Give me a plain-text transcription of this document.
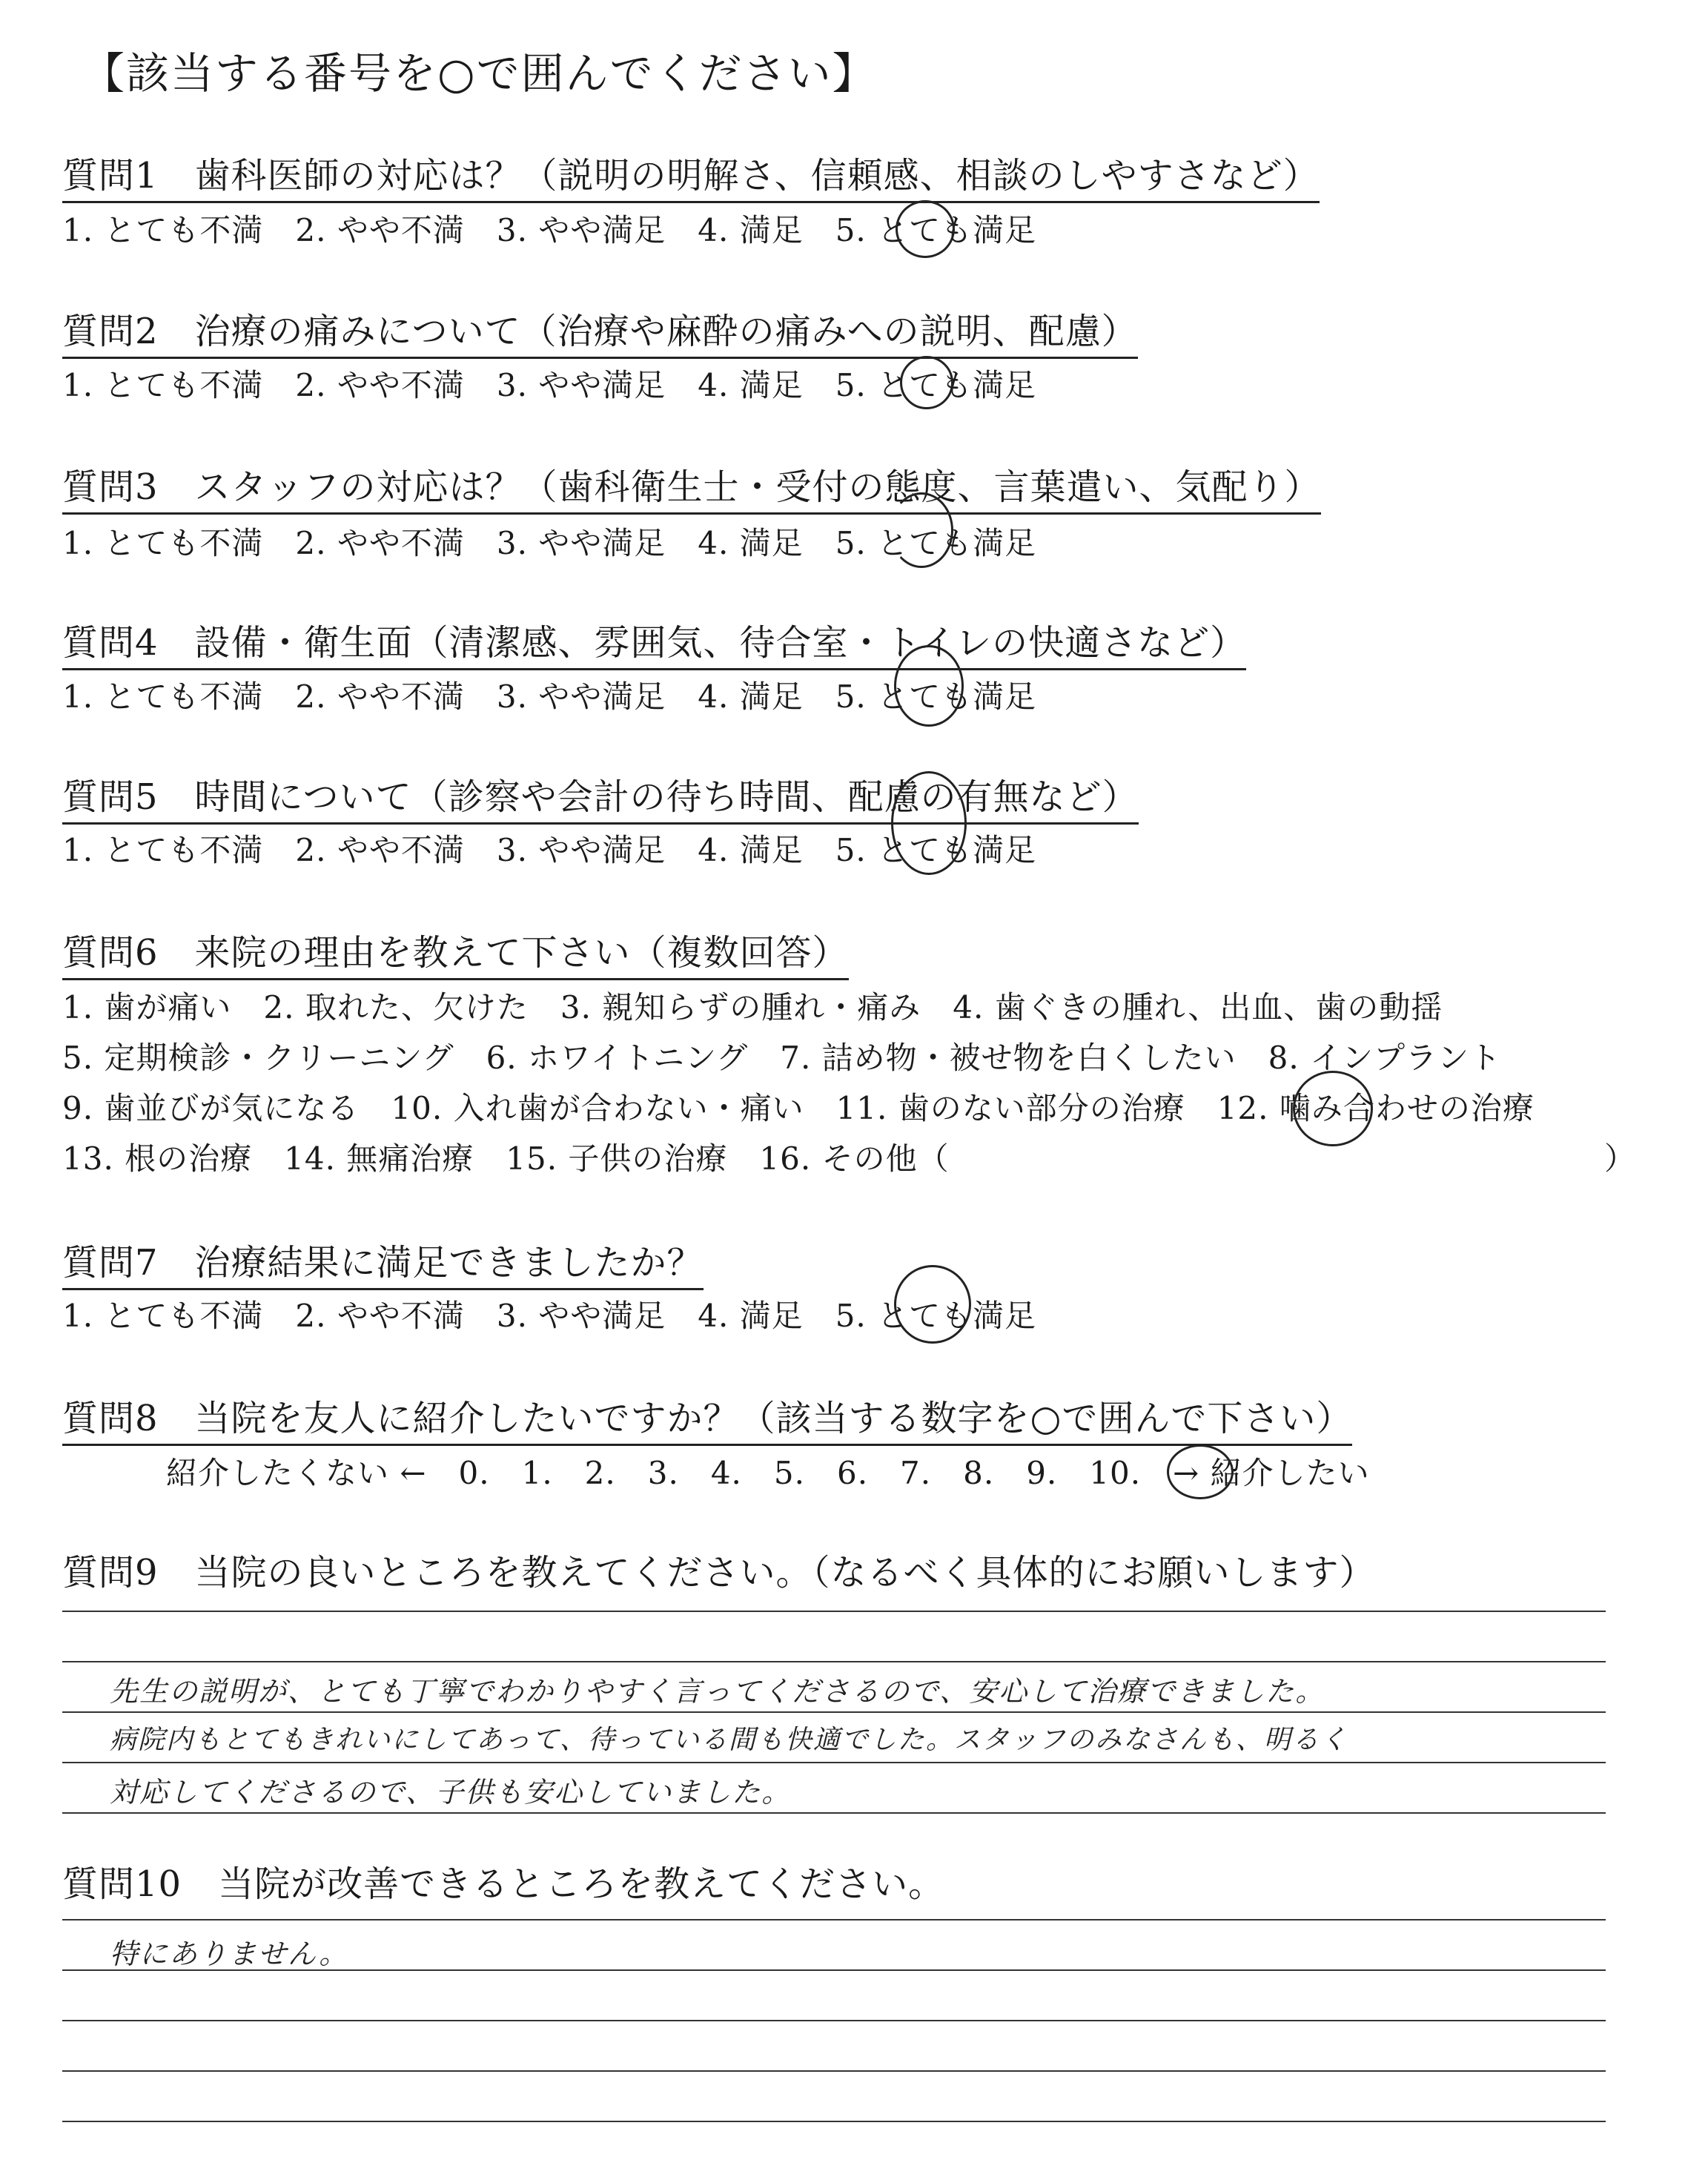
【該当する番号を○で囲んでください】
質問1　歯科医師の対応は？（説明の明解さ、信頼感、相談のしやすさなど）
1. とても不満　2. やや不満　3. やや満足　4. 満足　5. とても満足
質問2　治療の痛みについて（治療や麻酔の痛みへの説明、配慮）
1. とても不満　2. やや不満　3. やや満足　4. 満足　5. とても満足
質問3　スタッフの対応は？（歯科衛生士・受付の態度、言葉遣い、気配り）
1. とても不満　2. やや不満　3. やや満足　4. 満足　5. とても満足
質問4　設備・衛生面（清潔感、雰囲気、待合室・トイレの快適さなど）
1. とても不満　2. やや不満　3. やや満足　4. 満足　5. とても満足
質問5　時間について（診察や会計の待ち時間、配慮の有無など）
1. とても不満　2. やや不満　3. やや満足　4. 満足　5. とても満足
質問6　来院の理由を教えて下さい（複数回答）
1. 歯が痛い　2. 取れた、欠けた　3. 親知らずの腫れ・痛み　4. 歯ぐきの腫れ、出血、歯の動揺
5. 定期検診・クリーニング　6. ホワイトニング　7. 詰め物・被せ物を白くしたい　8. インプラント
9. 歯並びが気になる　10. 入れ歯が合わない・痛い　11. 歯のない部分の治療　12. 噛み合わせの治療
13. 根の治療　14. 無痛治療　15. 子供の治療　16. その他（	）
質問7　治療結果に満足できましたか？
1. とても不満　2. やや不満　3. やや満足　4. 満足　5. とても満足
質問8　当院を友人に紹介したいですか？（該当する数字を○で囲んで下さい）
紹介したくない ←　0.　1.　2.　3.　4.　5.　6.　7.　8.　9.　10.　→ 紹介したい
質問9　当院の良いところを教えてください。（なるべく具体的にお願いします）
先生の説明が、とても丁寧でわかりやすく言ってくださるので、安心して治療できました。
病院内もとてもきれいにしてあって、待っている間も快適でした。スタッフのみなさんも、明るく
対応してくださるので、子供も安心していました。
質問10　当院が改善できるところを教えてください。
特にありません。
